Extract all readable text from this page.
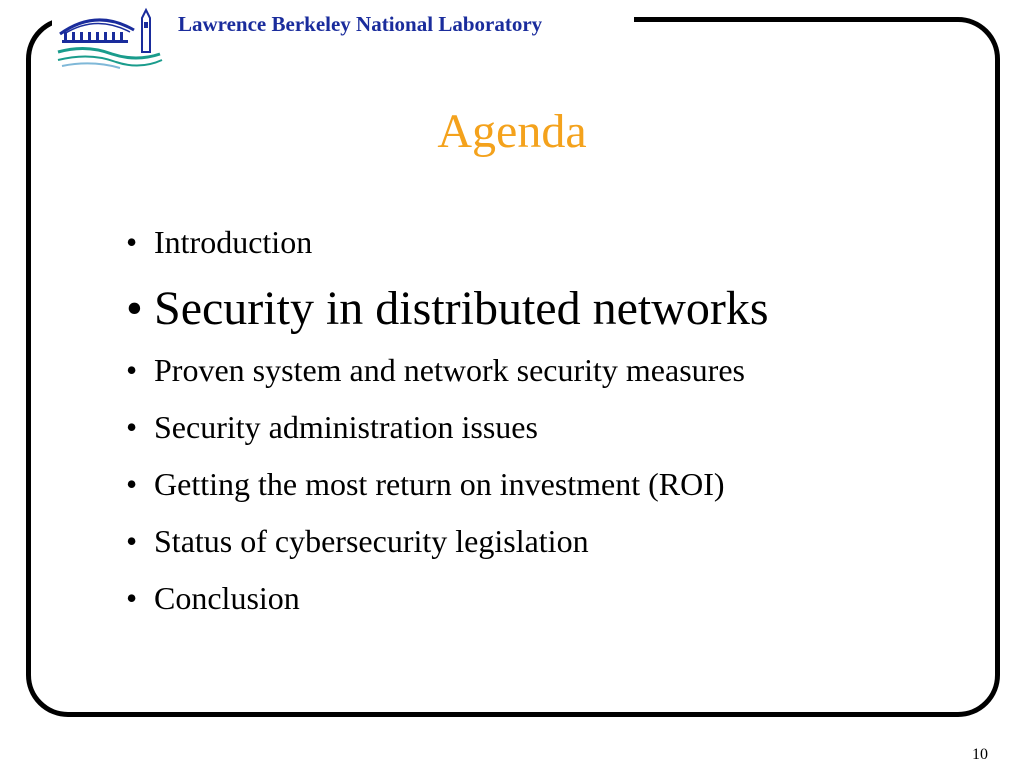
Lawrence Berkeley National Laboratory
Agenda
• Introduction
• Security in distributed networks
• Proven system and network security measures
• Security administration issues
• Getting the most return on investment (ROI)
• Status of cybersecurity legislation
• Conclusion
10
